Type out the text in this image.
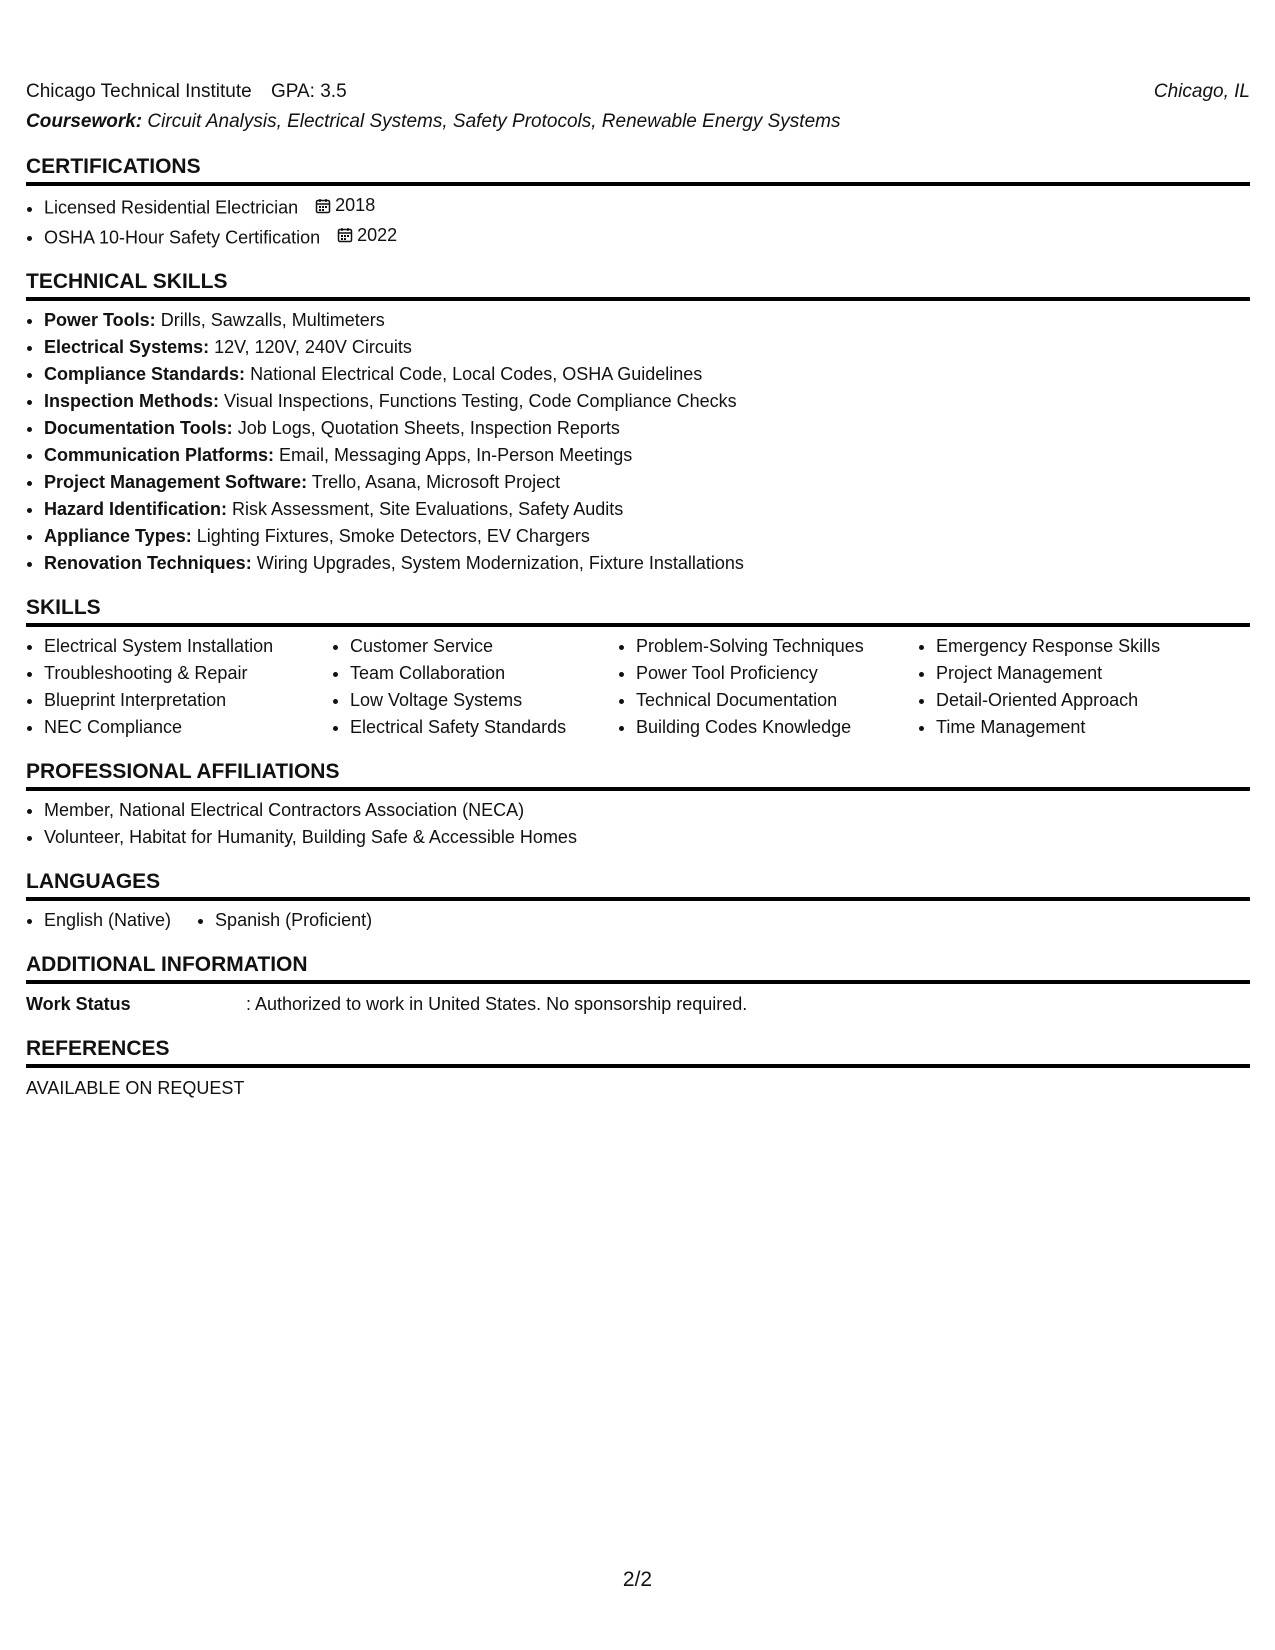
Chicago Technical Institute GPA: 3.5	Chicago, IL
Coursework: Circuit Analysis, Electrical Systems, Safety Protocols, Renewable Energy Systems
CERTIFICATIONS
• Licensed Residential Electrician 2018
• OSHA 10-Hour Safety Certification 2022
TECHNICAL SKILLS
• Power Tools: Drills, Sawzalls, Multimeters
• Electrical Systems: 12V, 120V, 240V Circuits
• Compliance Standards: National Electrical Code, Local Codes, OSHA Guidelines
• Inspection Methods: Visual Inspections, Functions Testing, Code Compliance Checks
• Documentation Tools: Job Logs, Quotation Sheets, Inspection Reports
• Communication Platforms: Email, Messaging Apps, In-Person Meetings
• Project Management Software: Trello, Asana, Microsoft Project
• Hazard Identification: Risk Assessment, Site Evaluations, Safety Audits
• Appliance Types: Lighting Fixtures, Smoke Detectors, EV Chargers
• Renovation Techniques: Wiring Upgrades, System Modernization, Fixture Installations
SKILLS
• Electrical System Installation
• Troubleshooting & Repair
• Blueprint Interpretation
• NEC Compliance
• Customer Service
• Team Collaboration
• Low Voltage Systems
• Electrical Safety Standards
• Problem-Solving Techniques
• Power Tool Proficiency
• Technical Documentation
• Building Codes Knowledge
• Emergency Response Skills
• Project Management
• Detail-Oriented Approach
• Time Management
PROFESSIONAL AFFILIATIONS
• Member, National Electrical Contractors Association (NECA)
• Volunteer, Habitat for Humanity, Building Safe & Accessible Homes
LANGUAGES
• English (Native)
• Spanish (Proficient)
ADDITIONAL INFORMATION
Work Status	: Authorized to work in United States. No sponsorship required.
REFERENCES
AVAILABLE ON REQUEST
2/2
